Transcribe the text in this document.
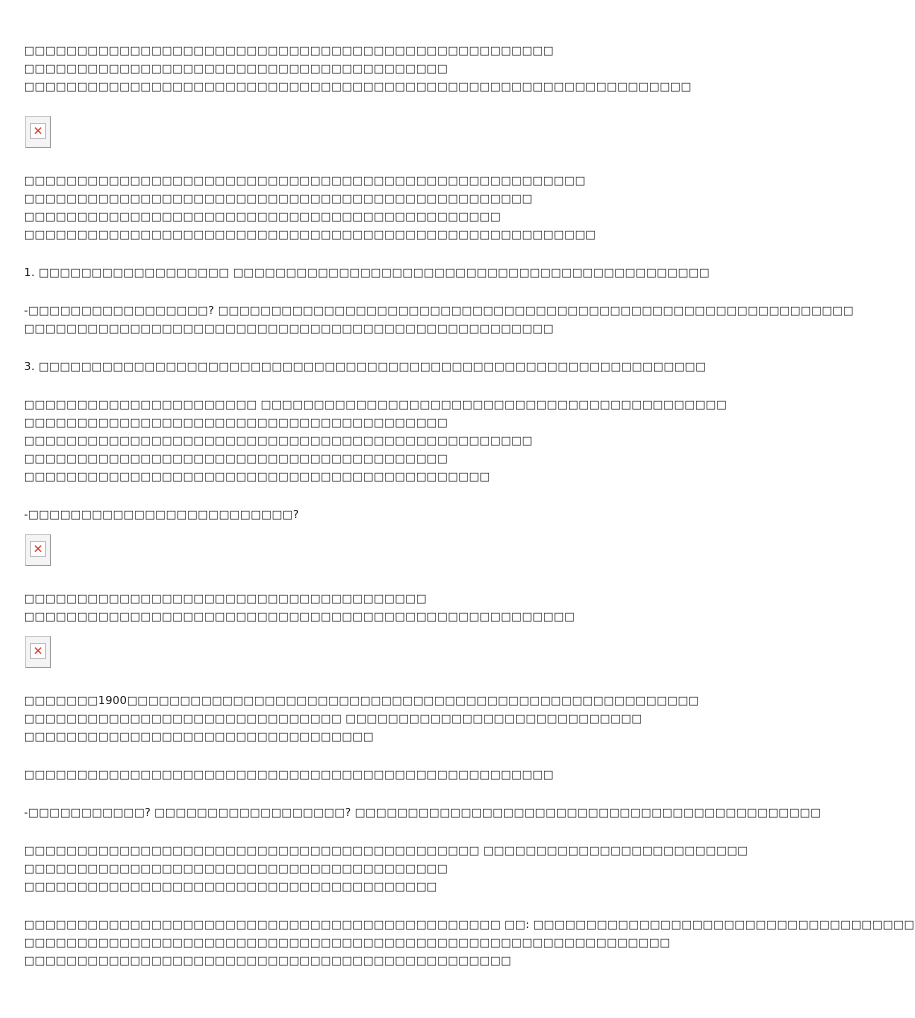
□□□□□□□□□□□□□□□□□□□□□□□□□□□□□□□□□□□□□□□□□□□□□□□□□□
□□□□□□□□□□□□□□□□□□□□□□□□□□□□□□□□□□□□□□□□
□□□□□□□□□□□□□□□□□□□□□□□□□□□□□□□□□□□□□□□□□□□□□□□□□□□□□□□□□□□□□□□
✕
□□□□□□□□□□□□□□□□□□□□□□□□□□□□□□□□□□□□□□□□□□□□□□□□□□□□□
□□□□□□□□□□□□□□□□□□□□□□□□□□□□□□□□□□□□□□□□□□□□□□□□
□□□□□□□□□□□□□□□□□□□□□□□□□□□□□□□□□□□□□□□□□□□□□
□□□□□□□□□□□□□□□□□□□□□□□□□□□□□□□□□□□□□□□□□□□□□□□□□□□□□□
1. □□□□□□□□□□□□□□□□□□ □□□□□□□□□□□□□□□□□□□□□□□□□□□□□□□□□□□□□□□□□□□□□
-□□□□□□□□□□□□□□□□□? □□□□□□□□□□□□□□□□□□□□□□□□□□□□□□□□□□□□□□□□□□□□□□□□□□□□□□□□□□□□
□□□□□□□□□□□□□□□□□□□□□□□□□□□□□□□□□□□□□□□□□□□□□□□□□□
3. □□□□□□□□□□□□□□□□□□□□□□□□□□□□□□□□□□□□□□□□□□□□□□□□□□□□□□□□□□□□□□□
□□□□□□□□□□□□□□□□□□□□□□ □□□□□□□□□□□□□□□□□□□□□□□□□□□□□□□□□□□□□□□□□□□□
□□□□□□□□□□□□□□□□□□□□□□□□□□□□□□□□□□□□□□□□
□□□□□□□□□□□□□□□□□□□□□□□□□□□□□□□□□□□□□□□□□□□□□□□□
□□□□□□□□□□□□□□□□□□□□□□□□□□□□□□□□□□□□□□□□
□□□□□□□□□□□□□□□□□□□□□□□□□□□□□□□□□□□□□□□□□□□□
-□□□□□□□□□□□□□□□□□□□□□□□□□?
✕
□□□□□□□□□□□□□□□□□□□□□□□□□□□□□□□□□□□□□□
□□□□□□□□□□□□□□□□□□□□□□□□□□□□□□□□□□□□□□□□□□□□□□□□□□□□
✕
□□□□□□□1900□□□□□□□□□□□□□□□□□□□□□□□□□□□□□□□□□□□□□□□□□□□□□□□□□□□□□□
□□□□□□□□□□□□□□□□□□□□□□□□□□□□□□ □□□□□□□□□□□□□□□□□□□□□□□□□□□□
□□□□□□□□□□□□□□□□□□□□□□□□□□□□□□□□□
□□□□□□□□□□□□□□□□□□□□□□□□□□□□□□□□□□□□□□□□□□□□□□□□□□
-□□□□□□□□□□□? □□□□□□□□□□□□□□□□□□? □□□□□□□□□□□□□□□□□□□□□□□□□□□□□□□□□□□□□□□□□□□□
□□□□□□□□□□□□□□□□□□□□□□□□□□□□□□□□□□□□□□□□□□□ □□□□□□□□□□□□□□□□□□□□□□□□□
□□□□□□□□□□□□□□□□□□□□□□□□□□□□□□□□□□□□□□□□
□□□□□□□□□□□□□□□□□□□□□□□□□□□□□□□□□□□□□□□
□□□□□□□□□□□□□□□□□□□□□□□□□□□□□□□□□□□□□□□□□□□□□ □□: □□□□□□□□□□□□□□□□□□□□□□□□□□□□□□□□□□□□
□□□□□□□□□□□□□□□□□□□□□□□□□□□□□□□□□□□□□□□□□□□□□□□□□□□□□□□□□□□□□
□□□□□□□□□□□□□□□□□□□□□□□□□□□□□□□□□□□□□□□□□□□□□□
